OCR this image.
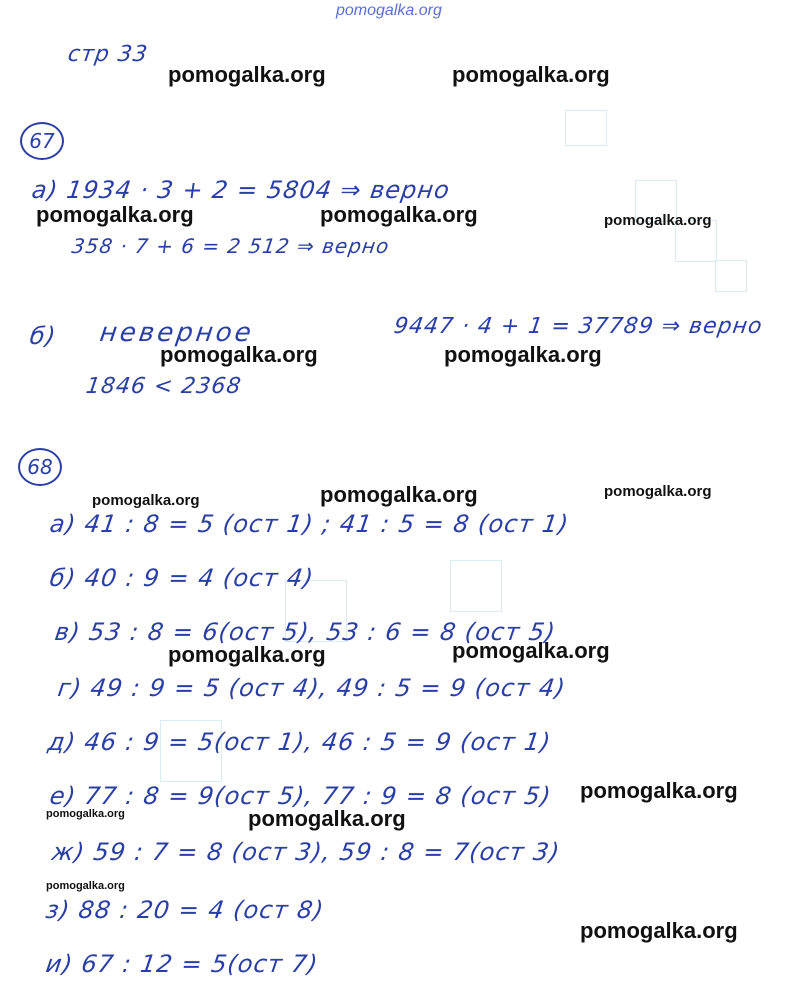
pomogalka.org
стр 33
67
а) 1934 · 3 + 2 = 5804 ⇒ верно
358 · 7 + 6 = 2 512 ⇒ верно
б) неверное	9447 · 4 + 1 = 37789 ⇒ верно
1846 < 2368
68
а) 41 : 8 = 5 (ост 1) ; 41 : 5 = 8 (ост 1)
б) 40 : 9 = 4 (ост 4)
в) 53 : 8 = 6(ост 5), 53 : 6 = 8 (ост 5)
г) 49 : 9 = 5 (ост 4), 49 : 5 = 9 (ост 4)
д) 46 : 9 = 5(ост 1), 46 : 5 = 9 (ост 1)
е) 77 : 8 = 9(ост 5), 77 : 9 = 8 (ост 5)
ж) 59 : 7 = 8 (ост 3), 59 : 8 = 7(ост 3)
з) 88 : 20 = 4 (ост 8)
и) 67 : 12 = 5(ост 7)
pomogalka.org	pomogalka.org
pomogalka.org	pomogalka.org	pomogalka.org
pomogalka.org	pomogalka.org
pomogalka.org	pomogalka.org	pomogalka.org
pomogalka.org	pomogalka.org
pomogalka.org
pomogalka.org	pomogalka.org
pomogalka.org
pomogalka.org
